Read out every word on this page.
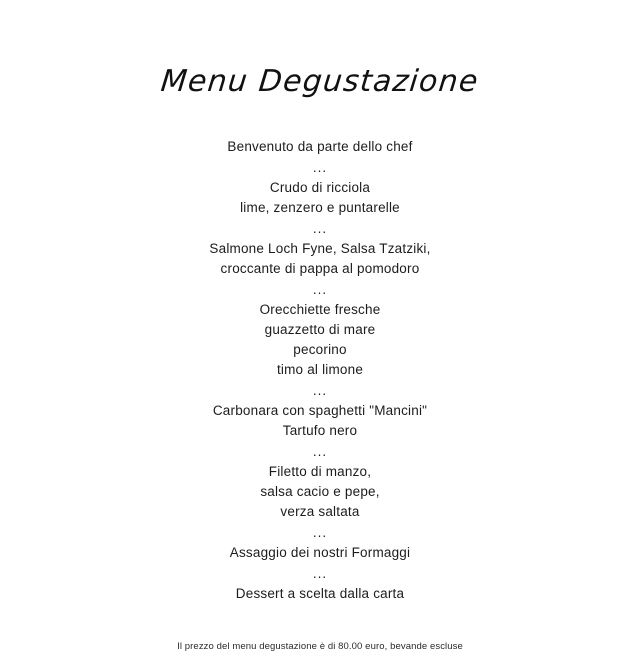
Menu Degustazione
Benvenuto da parte dello chef
...
Crudo di ricciola
lime, zenzero e puntarelle
...
Salmone Loch Fyne, Salsa Tzatziki,
croccante di pappa al pomodoro
...
Orecchiette fresche
guazzetto di mare
pecorino
timo al limone
...
Carbonara con spaghetti "Mancini"
Tartufo nero
...
Filetto di manzo,
salsa cacio e pepe,
verza saltata
...
Assaggio dei nostri Formaggi
...
Dessert a scelta dalla carta
Il prezzo del menu degustazione è di 80.00 euro, bevande escluse
